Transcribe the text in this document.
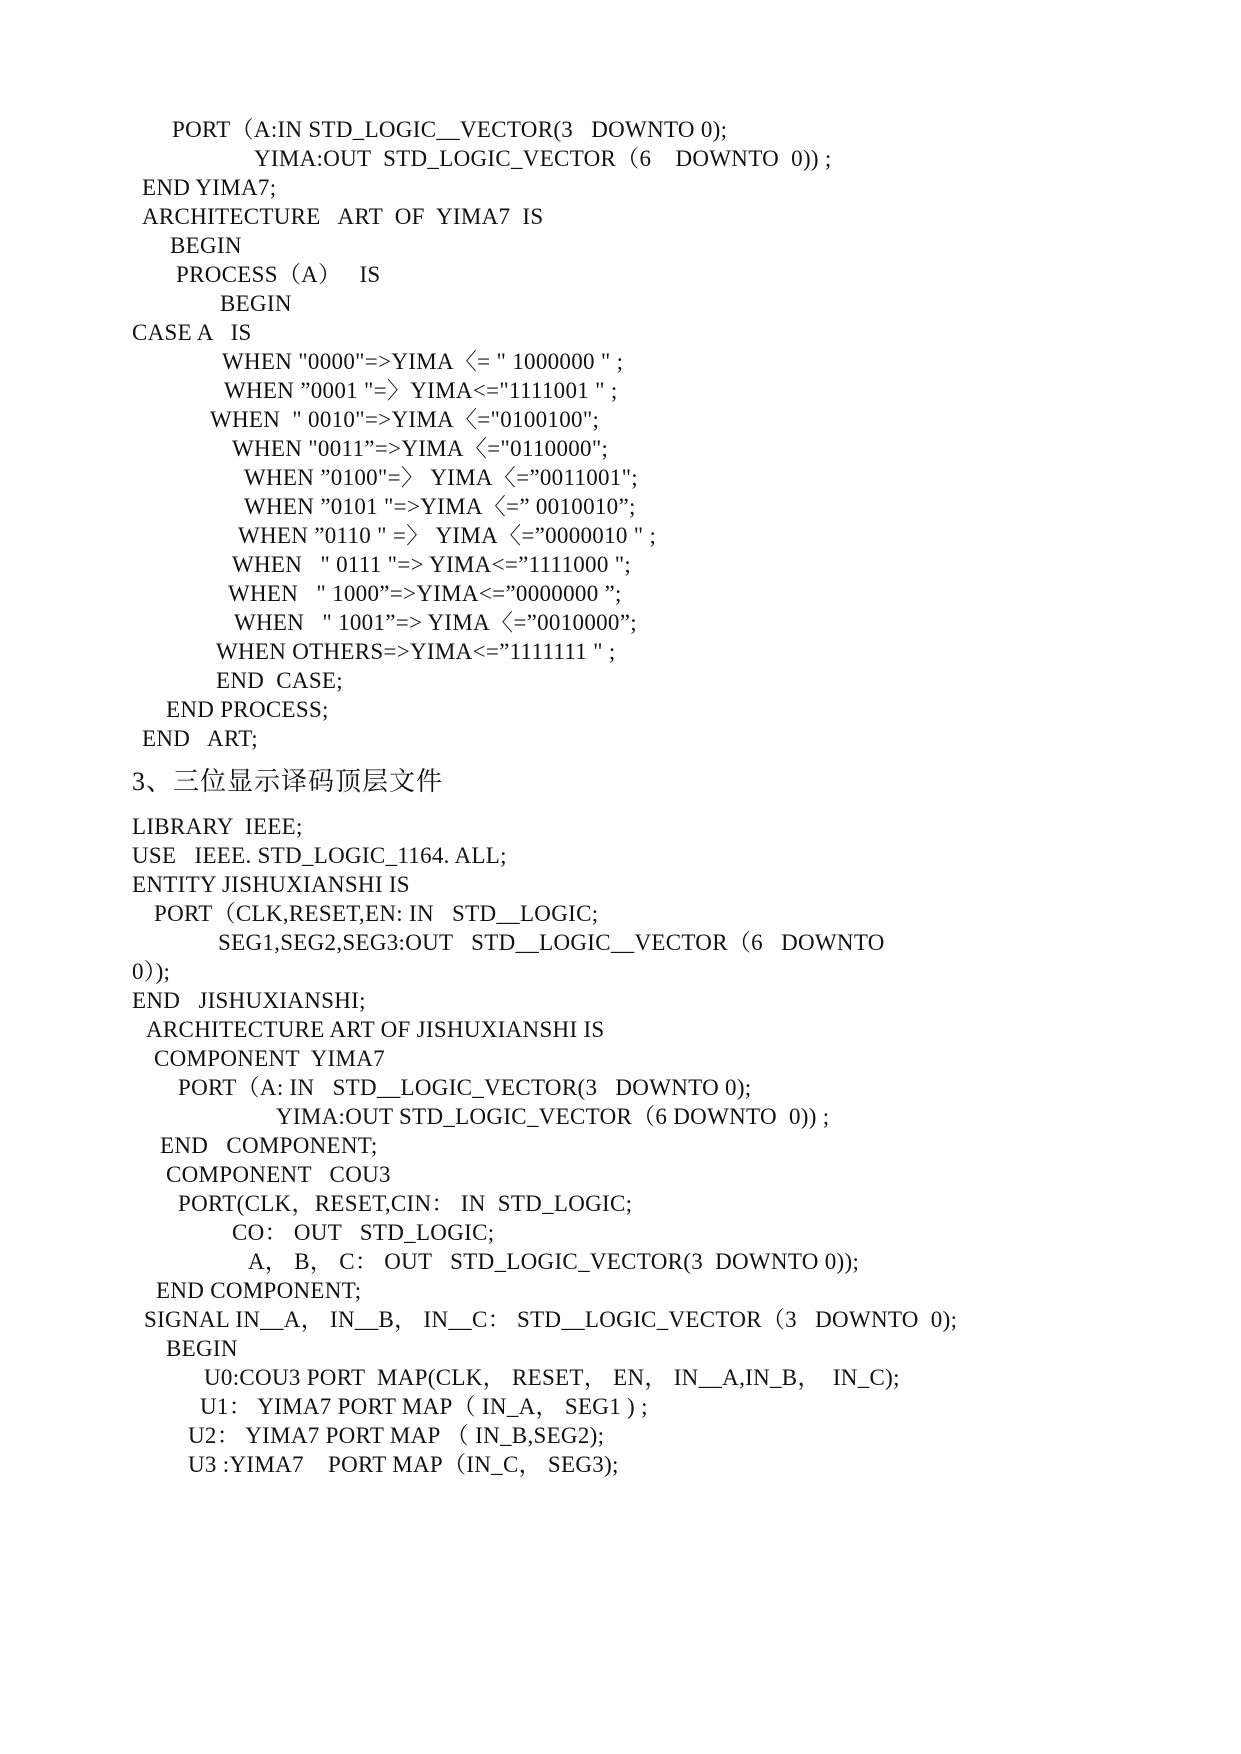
PORT（A:IN STD_LOGIC__VECTOR(3   DOWNTO 0);
YIMA:OUT  STD_LOGIC_VECTOR（6    DOWNTO  0)) ;
END YIMA7;
ARCHITECTURE   ART  OF  YIMA7  IS
BEGIN
PROCESS（A）   IS
BEGIN
CASE A   IS
WHEN "0000"=>YIMA〈= " 1000000 " ;
WHEN ”0001 "=〉YIMA<="1111001 " ;
WHEN  " 0010"=>YIMA〈="0100100";
WHEN "0011”=>YIMA〈="0110000";
WHEN ”0100"=〉 YIMA〈=”0011001";
WHEN ”0101 "=>YIMA〈=” 0010010”;
WHEN ”0110 " =〉 YIMA〈=”0000010 " ;
WHEN   " 0111 "=> YIMA<=”1111000 ";
WHEN   " 1000”=>YIMA<=”0000000 ”;
WHEN   " 1001”=> YIMA〈=”0010000”;
WHEN OTHERS=>YIMA<=”1111111 " ;
END  CASE;
END PROCESS;
END   ART;
3、三位显示译码顶层文件
LIBRARY  IEEE;
USE   IEEE. STD_LOGIC_1164. ALL;
ENTITY JISHUXIANSHI IS
PORT（CLK,RESET,EN: IN   STD__LOGIC;
SEG1,SEG2,SEG3:OUT   STD__LOGIC__VECTOR（6   DOWNTO
0）);
END   JISHUXIANSHI;
ARCHITECTURE ART OF JISHUXIANSHI IS
COMPONENT  YIMA7
PORT（A: IN   STD__LOGIC_VECTOR(3   DOWNTO 0);
YIMA:OUT STD_LOGIC_VECTOR（6 DOWNTO  0)) ;
END   COMPONENT;
COMPONENT   COU3
PORT(CLK，RESET,CIN： IN  STD_LOGIC;
CO： OUT   STD_LOGIC;
A， B， C： OUT   STD_LOGIC_VECTOR(3  DOWNTO 0));
END COMPONENT;
SIGNAL IN__A， IN__B， IN__C： STD__LOGIC_VECTOR（3   DOWNTO  0);
BEGIN
U0:COU3 PORT  MAP(CLK， RESET， EN， IN__A,IN_B，  IN_C);
U1： YIMA7 PORT MAP（ IN_A， SEG1 ) ;
U2： YIMA7 PORT MAP （ IN_B,SEG2);
U3 :YIMA7    PORT MAP（IN_C， SEG3);
